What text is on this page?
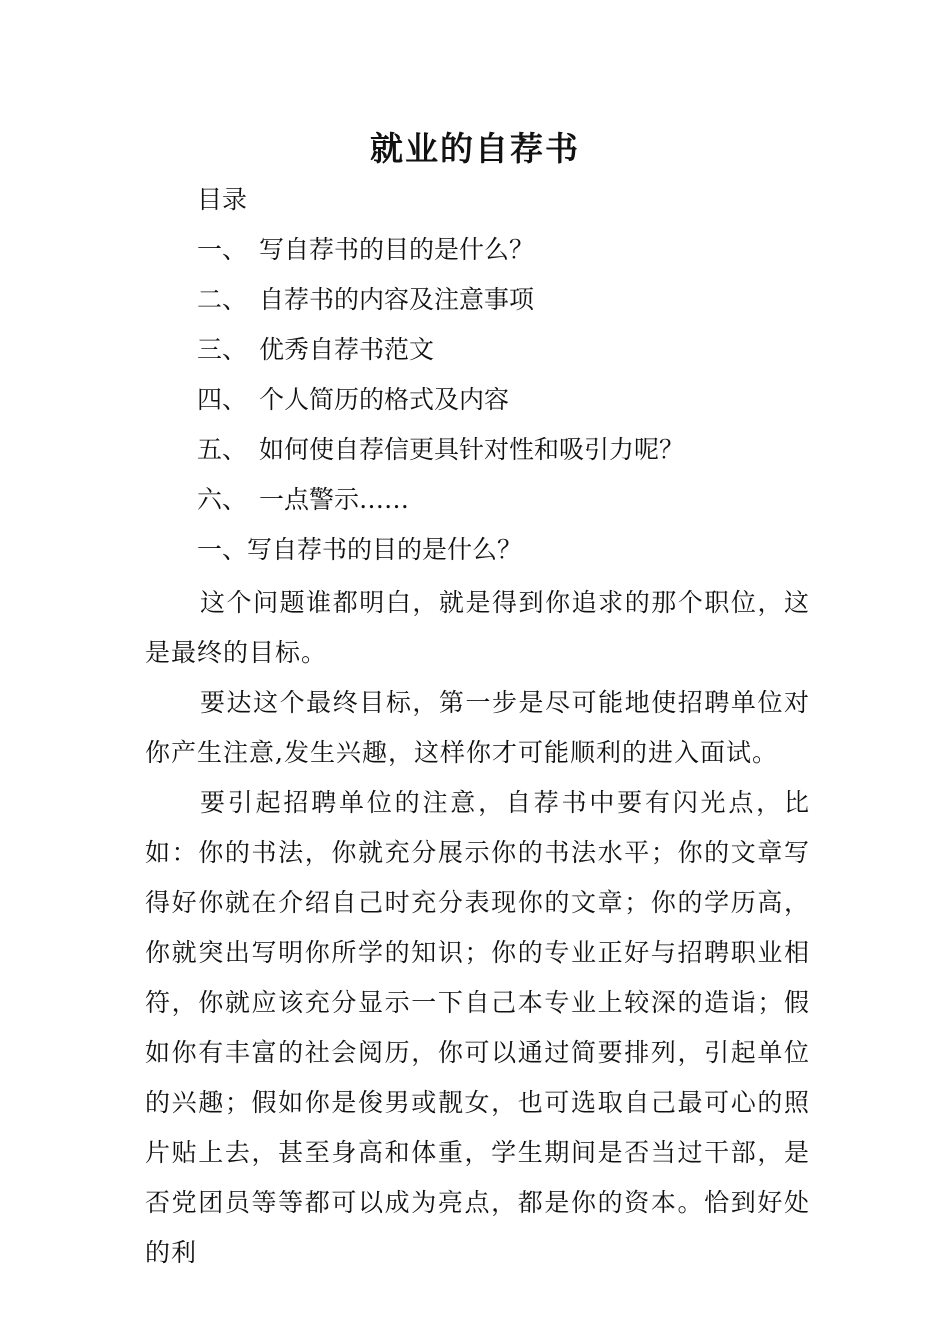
就业的自荐书
目录
一、 写自荐书的目的是什么？
二、 自荐书的内容及注意事项
三、 优秀自荐书范文
四、 个人简历的格式及内容
五、 如何使自荐信更具针对性和吸引力呢？
六、 一点警示……
一、写自荐书的目的是什么？

这个问题谁都明白，就是得到你追求的那个职位，这是最终的目标。

要达这个最终目标，第一步是尽可能地使招聘单位对你产生注意,发生兴趣，这样你才可能顺利的进入面试。

要引起招聘单位的注意，自荐书中要有闪光点，比如：你的书法，你就充分展示你的书法水平；你的文章写得好你就在介绍自己时充分表现你的文章；你的学历高，你就突出写明你所学的知识；你的专业正好与招聘职业相符，你就应该充分显示一下自己本专业上较深的造诣；假如你有丰富的社会阅历，你可以通过简要排列，引起单位的兴趣；假如你是俊男或靓女，也可选取自己最可心的照片贴上去，甚至身高和体重，学生期间是否当过干部，是否党团员等等都可以成为亮点，都是你的资本。恰到好处的利
